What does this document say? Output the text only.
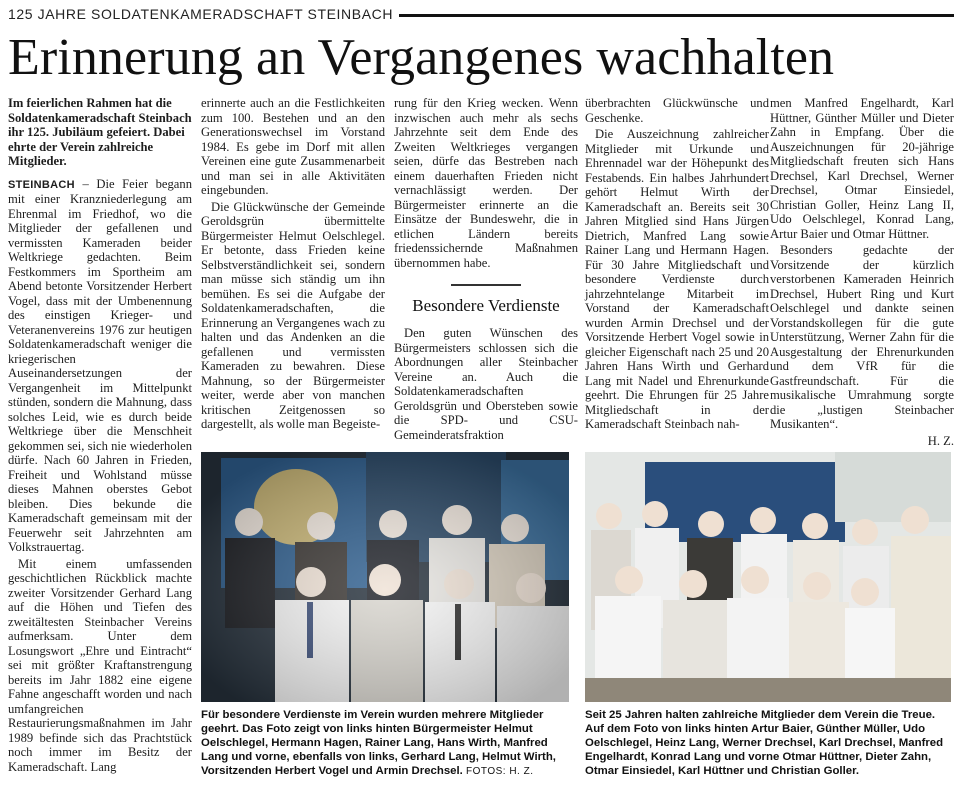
125 JAHRE SOLDATENKAMERADSCHAFT STEINBACH

Erinnerung an Vergangenes wachhalten

Im feierlichen Rahmen hat die Soldatenkameradschaft Steinbach ihr 125. Jubiläum gefeiert. Dabei ehrte der Verein zahlreiche Mitglieder.

STEINBACH – Die Feier begann mit einer Kranzniederlegung am Ehrenmal im Friedhof, wo die Mitglieder der gefallenen und vermissten Kameraden beider Weltkriege gedachten. Beim Festkommers im Sportheim am Abend betonte Vorsitzender Herbert Vogel, dass mit der Umbenennung des einstigen Krieger- und Veteranenvereins 1976 zur heutigen Soldatenkameradschaft weniger die kriegerischen Auseinandersetzungen der Vergangenheit im Mittelpunkt stünden, sondern die Mahnung, dass solches Leid, wie es durch beide Weltkriege über die Menschheit gekommen sei, sich nie wiederholen dürfe. Nach 60 Jahren in Frieden, Freiheit und Wohlstand müsse dieses Mahnen oberstes Gebot bleiben. Dies bekunde die Kameradschaft gemeinsam mit der Feuerwehr seit Jahrzehnten am Volkstrauertag.

Mit einem umfassenden geschichtlichen Rückblick machte zweiter Vorsitzender Gerhard Lang auf die Höhen und Tiefen des zweitältesten Steinbacher Vereins aufmerksam. Unter dem Losungswort „Ehre und Eintracht“ sei mit größter Kraftanstrengung bereits im Jahr 1882 eine eigene Fahne angeschafft worden und nach umfangreichen Restaurierungsmaßnahmen im Jahr 1989 befinde sich das Prachtstück noch immer im Besitz der Kameradschaft. Lang

erinnerte auch an die Festlichkeiten zum 100. Bestehen und an den Generationswechsel im Vorstand 1984. Es gebe im Dorf mit allen Vereinen eine gute Zusammenarbeit und man sei in alle Aktivitäten eingebunden.

Die Glückwünsche der Gemeinde Geroldsgrün übermittelte Bürgermeister Helmut Oelschlegel. Er betonte, dass Frieden keine Selbstverständlichkeit sei, sondern man müsse sich ständig um ihn bemühen. Es sei die Aufgabe der Soldatenkameradschaften, die Erinnerung an Vergangenes wach zu halten und das Andenken an die gefallenen und vermissten Kameraden zu bewahren. Diese Mahnung, so der Bürgermeister weiter, werde aber von manchen kritischen Zeitgenossen so dargestellt, als wolle man Begeiste-

rung für den Krieg wecken. Wenn inzwischen auch mehr als sechs Jahrzehnte seit dem Ende des Zweiten Weltkrieges vergangen seien, dürfe das Bestreben nach einem dauerhaften Frieden nicht vernachlässigt werden. Der Bürgermeister erinnerte an die Einsätze der Bundeswehr, die in etlichen Ländern bereits friedenssichernde Maßnahmen übernommen habe.

Besondere Verdienste

Den guten Wünschen des Bürgermeisters schlossen sich die Abordnungen aller Steinbacher Vereine an. Auch die Soldatenkameradschaften Geroldsgrün und Obersteben sowie die SPD- und CSU-Gemeinderatsfraktion

überbrachten Glückwünsche und Geschenke.

Die Auszeichnung zahlreicher Mitglieder mit Urkunde und Ehrennadel war der Höhepunkt des Festabends. Ein halbes Jahrhundert gehört Helmut Wirth der Kameradschaft an. Bereits seit 30 Jahren Mitglied sind Hans Jürgen Dietrich, Manfred Lang sowie Rainer Lang und Hermann Hagen. Für 30 Jahre Mitgliedschaft und besondere Verdienste durch jahrzehntelange Mitarbeit im Vorstand der Kameradschaft wurden Armin Drechsel und der Vorsitzende Herbert Vogel sowie in gleicher Eigenschaft nach 25 und 20 Jahren Hans Wirth und Gerhard Lang mit Nadel und Ehrenurkunde geehrt. Die Ehrungen für 25 Jahre Mitgliedschaft in der Kameradschaft Steinbach nah-

men Manfred Engelhardt, Karl Hüttner, Günther Müller und Dieter Zahn in Empfang. Über die Auszeichnungen für 20-jährige Mitgliedschaft freuten sich Hans Drechsel, Karl Drechsel, Werner Drechsel, Otmar Einsiedel, Christian Goller, Heinz Lang II, Udo Oelschlegel, Konrad Lang, Artur Baier und Otmar Hüttner.

Besonders gedachte der Vorsitzende der kürzlich verstorbenen Kameraden Heinrich Drechsel, Hubert Ring und Kurt Oelschlegel und dankte seinen Vorstandskollegen für die gute Unterstützung, Werner Zahn für die Ausgestaltung der Ehrenurkunden und dem VfR für die Gastfreundschaft. Für die musikalische Umrahmung sorgte die „lustigen Steinbacher Musikanten“.

H. Z.

Für besondere Verdienste im Verein wurden mehrere Mitglieder geehrt. Das Foto zeigt von links hinten Bürgermeister Helmut Oelschlegel, Hermann Hagen, Rainer Lang, Hans Wirth, Manfred Lang und vorne, ebenfalls von links, Gerhard Lang, Helmut Wirth, Vorsitzenden Herbert Vogel und Armin Drechsel. FOTOS: H. Z.

Seit 25 Jahren halten zahlreiche Mitglieder dem Verein die Treue. Auf dem Foto von links hinten Artur Baier, Günther Müller, Udo Oelschlegel, Heinz Lang, Werner Drechsel, Karl Drechsel, Manfred Engelhardt, Konrad Lang und vorne Otmar Hüttner, Dieter Zahn, Otmar Einsiedel, Karl Hüttner und Christian Goller.
